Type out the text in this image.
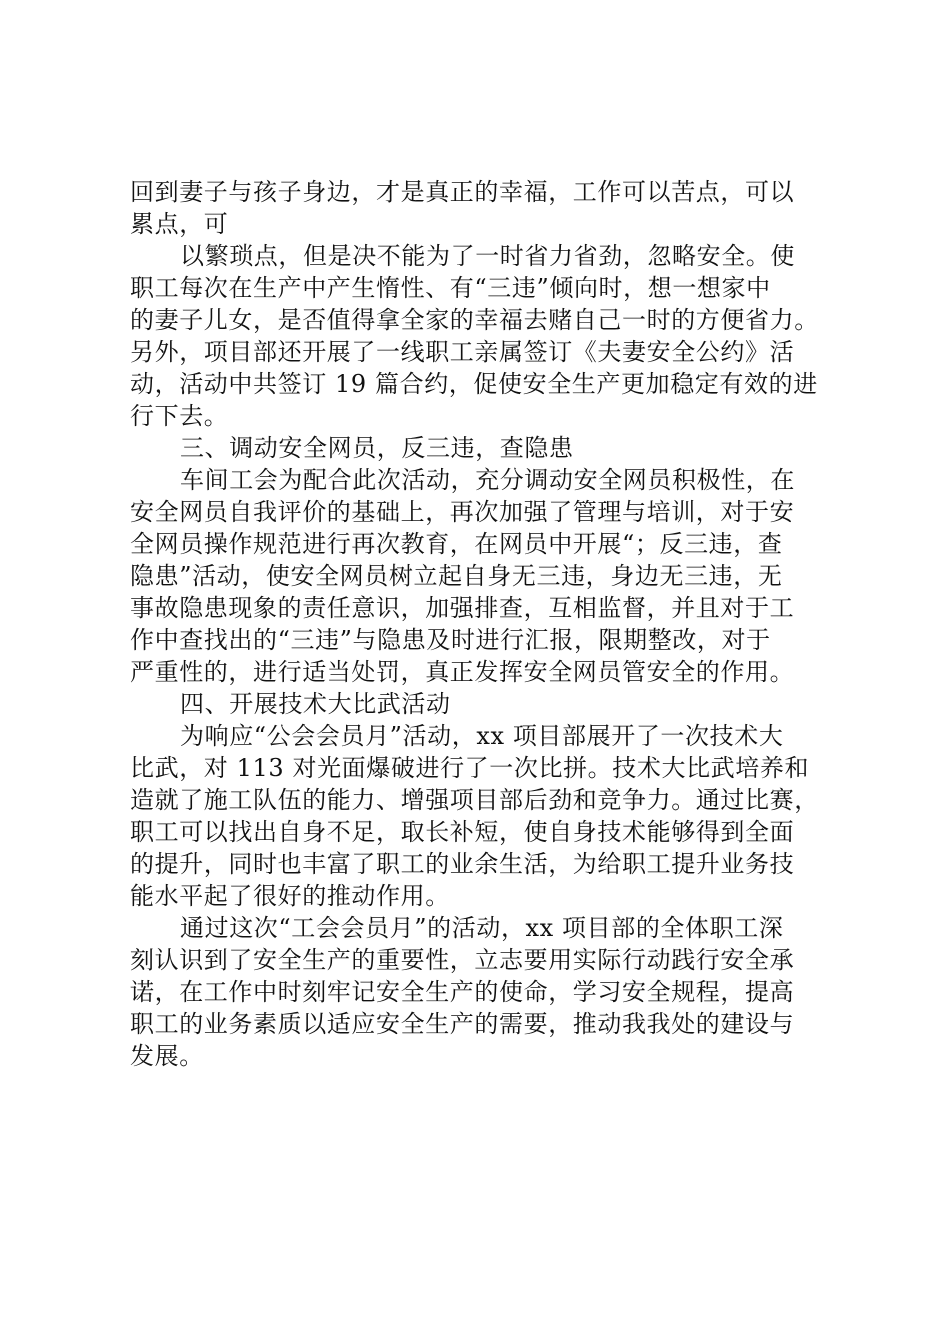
回到妻子与孩子身边，才是真正的幸福，工作可以苦点，可以
累点，可

以繁琐点，但是决不能为了一时省力省劲，忽略安全。使
职工每次在生产中产生惰性、有“三违”倾向时，想一想家中
的妻子儿女，是否值得拿全家的幸福去赌自己一时的方便省力。
另外，项目部还开展了一线职工亲属签订《夫妻安全公约》活
动，活动中共签订 19 篇合约，促使安全生产更加稳定有效的进
行下去。

三、调动安全网员，反三违，查隐患

车间工会为配合此次活动，充分调动安全网员积极性，在
安全网员自我评价的基础上，再次加强了管理与培训，对于安
全网员操作规范进行再次教育，在网员中开展“；反三违，查
隐患”活动，使安全网员树立起自身无三违，身边无三违，无
事故隐患现象的责任意识，加强排查，互相监督，并且对于工
作中查找出的“三违”与隐患及时进行汇报，限期整改，对于
严重性的，进行适当处罚，真正发挥安全网员管安全的作用。

四、开展技术大比武活动

为响应“公会会员月”活动，xx 项目部展开了一次技术大
比武，对 113 对光面爆破进行了一次比拼。技术大比武培养和
造就了施工队伍的能力、增强项目部后劲和竞争力。通过比赛，
职工可以找出自身不足，取长补短，使自身技术能够得到全面
的提升，同时也丰富了职工的业余生活，为给职工提升业务技
能水平起了很好的推动作用。

通过这次“工会会员月”的活动，xx 项目部的全体职工深
刻认识到了安全生产的重要性，立志要用实际行动践行安全承
诺，在工作中时刻牢记安全生产的使命，学习安全规程，提高
职工的业务素质以适应安全生产的需要，推动我我处的建设与
发展。
